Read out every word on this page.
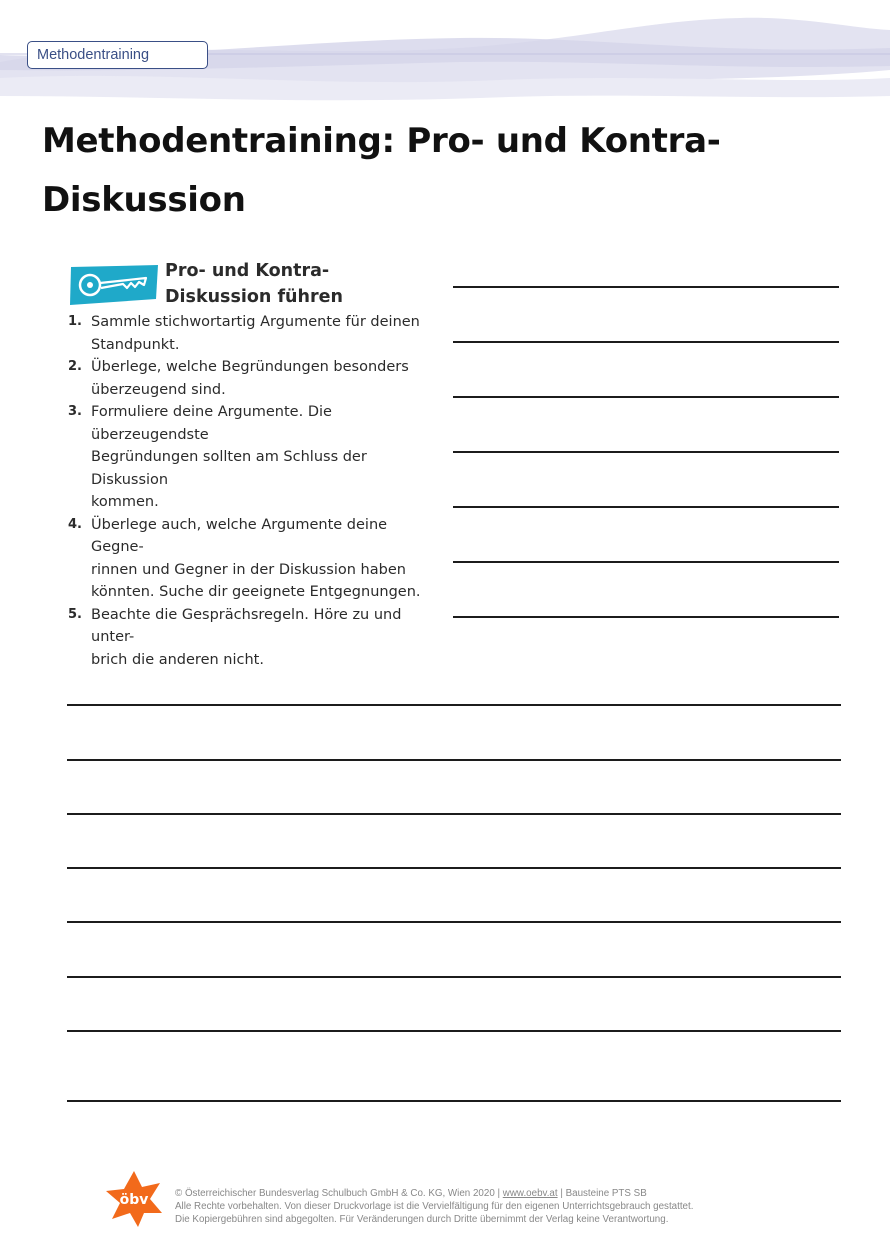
Methodentraining
Methodentraining: Pro- und Kontra-Diskussion
Pro- und Kontra-Diskussion führen
1. Sammle stichwortartig Argumente für deinen
Standpunkt.
2. Überlege, welche Begründungen besonders
überzeugend sind.
3. Formuliere deine Argumente. Die überzeugendste
Begründungen sollten am Schluss der Diskussion
kommen.
4. Überlege auch, welche Argumente deine Gegne-
rinnen und Gegner in der Diskussion haben
könnten. Suche dir geeignete Entgegnungen.
5. Beachte die Gesprächsregeln. Höre zu und unter-
brich die anderen nicht.
öbv	© Österreichischer Bundesverlag Schulbuch GmbH & Co. KG, Wien 2020 | www.oebv.at | Bausteine PTS SB
Alle Rechte vorbehalten. Von dieser Druckvorlage ist die Vervielfältigung für den eigenen Unterrichtsgebrauch gestattet.
Die Kopiergebühren sind abgegolten. Für Veränderungen durch Dritte übernimmt der Verlag keine Verantwortung.
